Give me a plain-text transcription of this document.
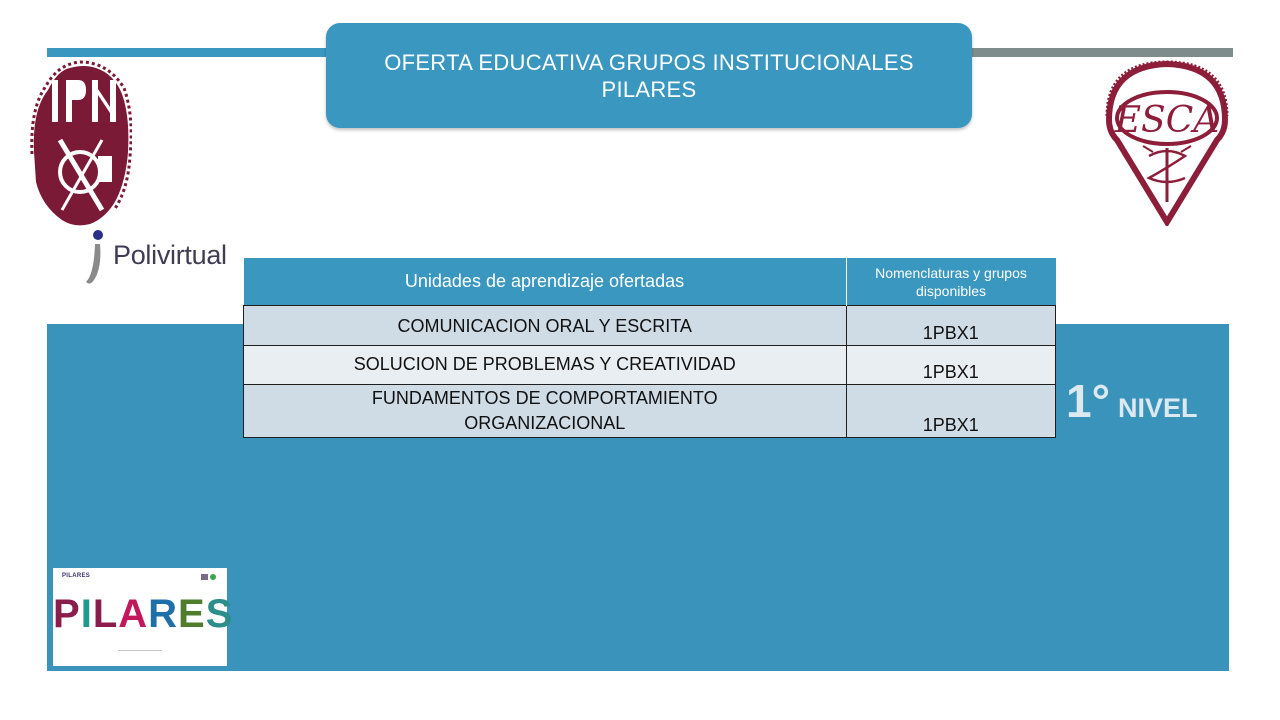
OFERTA EDUCATIVA GRUPOS INSTITUCIONALES
PILARES
IPN	ESCA
Polivirtual
Unidades de aprendizaje ofertadas	Nomenclaturas y grupos disponibles

COMUNICACION ORAL Y ESCRITA	1PBX1

SOLUCION DE PROBLEMAS Y CREATIVIDAD	1PBX1

FUNDAMENTOS DE COMPORTAMIENTO
ORGANIZACIONAL	1PBX1 1° NIVEL
PILARES
PILARES
